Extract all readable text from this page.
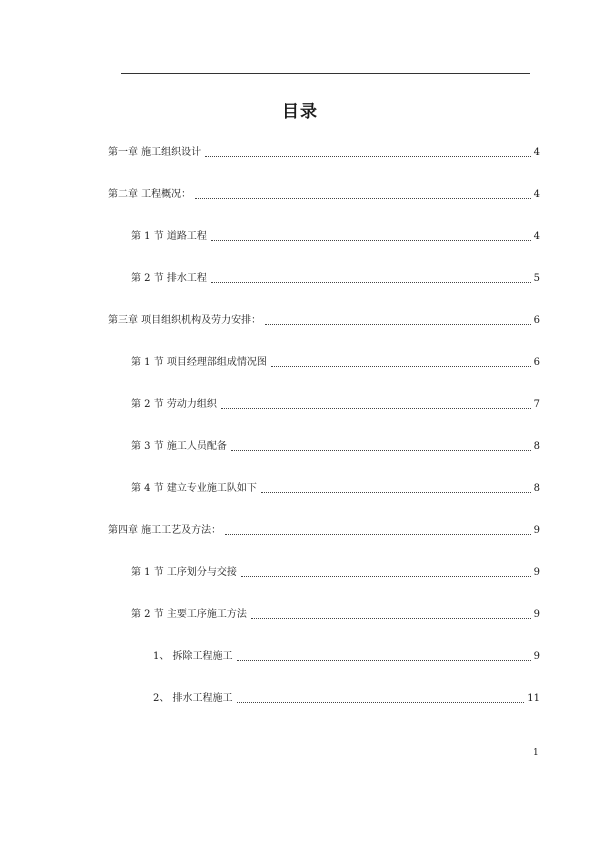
目录
第一章 施工组织设计	4
第二章 工程概况：	4
第 1 节 道路工程	4
第 2 节 排水工程	5
第三章 项目组织机构及劳力安排：	6
第 1 节 项目经理部组成情况图	6
第 2 节 劳动力组织	7
第 3 节 施工人员配备	8
第 4 节 建立专业施工队如下	8
第四章 施工工艺及方法：	9
第 1 节 工序划分与交接	9
第 2 节 主要工序施工方法	9
1、 拆除工程施工	9
2、 排水工程施工	11
1
